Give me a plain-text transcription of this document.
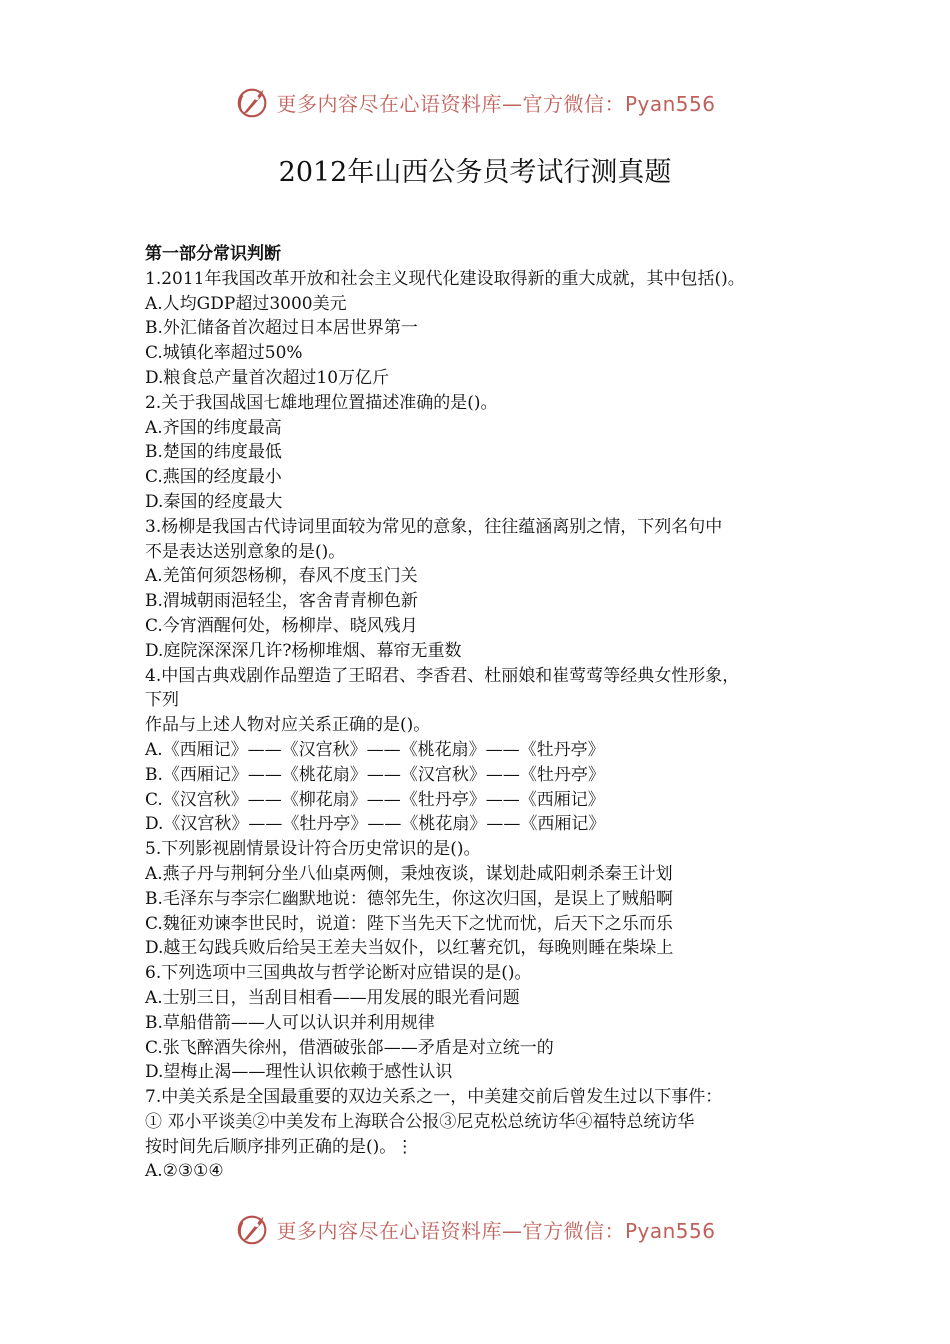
更多内容尽在心语资料库—官方微信：Pyan556
2012年山西公务员考试行测真题

第一部分常识判断

1.2011年我国改革开放和社会主义现代化建设取得新的重大成就，其中包括()。

A.人均GDP超过3000美元

B.外汇储备首次超过日本居世界第一

C.城镇化率超过50%

D.粮食总产量首次超过10万亿斤

2.关于我国战国七雄地理位置描述准确的是()。

A.齐国的纬度最高

B.楚国的纬度最低

C.燕国的经度最小

D.秦国的经度最大

3.杨柳是我国古代诗词里面较为常见的意象，往往蕴涵离别之情，下列名句中

不是表达送别意象的是()。

A.羌笛何须怨杨柳，春风不度玉门关

B.渭城朝雨浥轻尘，客舍青青柳色新

C.今宵酒醒何处，杨柳岸、晓风残月

D.庭院深深深几许?杨柳堆烟、幕帘无重数

4.中国古典戏剧作品塑造了王昭君、李香君、杜丽娘和崔莺莺等经典女性形象，

下列

作品与上述人物对应关系正确的是()。

A.《西厢记》——《汉宫秋》——《桃花扇》——《牡丹亭》

B.《西厢记》——《桃花扇》——《汉宫秋》——《牡丹亭》

C.《汉宫秋》——《柳花扇》——《牡丹亭》——《西厢记》

D.《汉宫秋》——《牡丹亭》——《桃花扇》——《西厢记》

5.下列影视剧情景设计符合历史常识的是()。

A.燕子丹与荆轲分坐八仙桌两侧，秉烛夜谈，谋划赴咸阳刺杀秦王计划

B.毛泽东与李宗仁幽默地说：德邻先生，你这次归国，是误上了贼船啊

C.魏征劝谏李世民时，说道：陛下当先天下之忧而忧，后天下之乐而乐

D.越王勾践兵败后给吴王差夫当奴仆，以红薯充饥，每晚则睡在柴垛上

6.下列选项中三国典故与哲学论断对应错误的是()。

A.士别三日，当刮目相看——用发展的眼光看问题

B.草船借箭——人可以认识并利用规律

C.张飞醉酒失徐州，借酒破张郃——矛盾是对立统一的

D.望梅止渴——理性认识依赖于感性认识

7.中美关系是全国最重要的双边关系之一，中美建交前后曾发生过以下事件：

① 邓小平谈美②中美发布上海联合公报③尼克松总统访华④福特总统访华

按时间先后顺序排列正确的是()。⋮

A.②③①④

更多内容尽在心语资料库—官方微信：Pyan556
